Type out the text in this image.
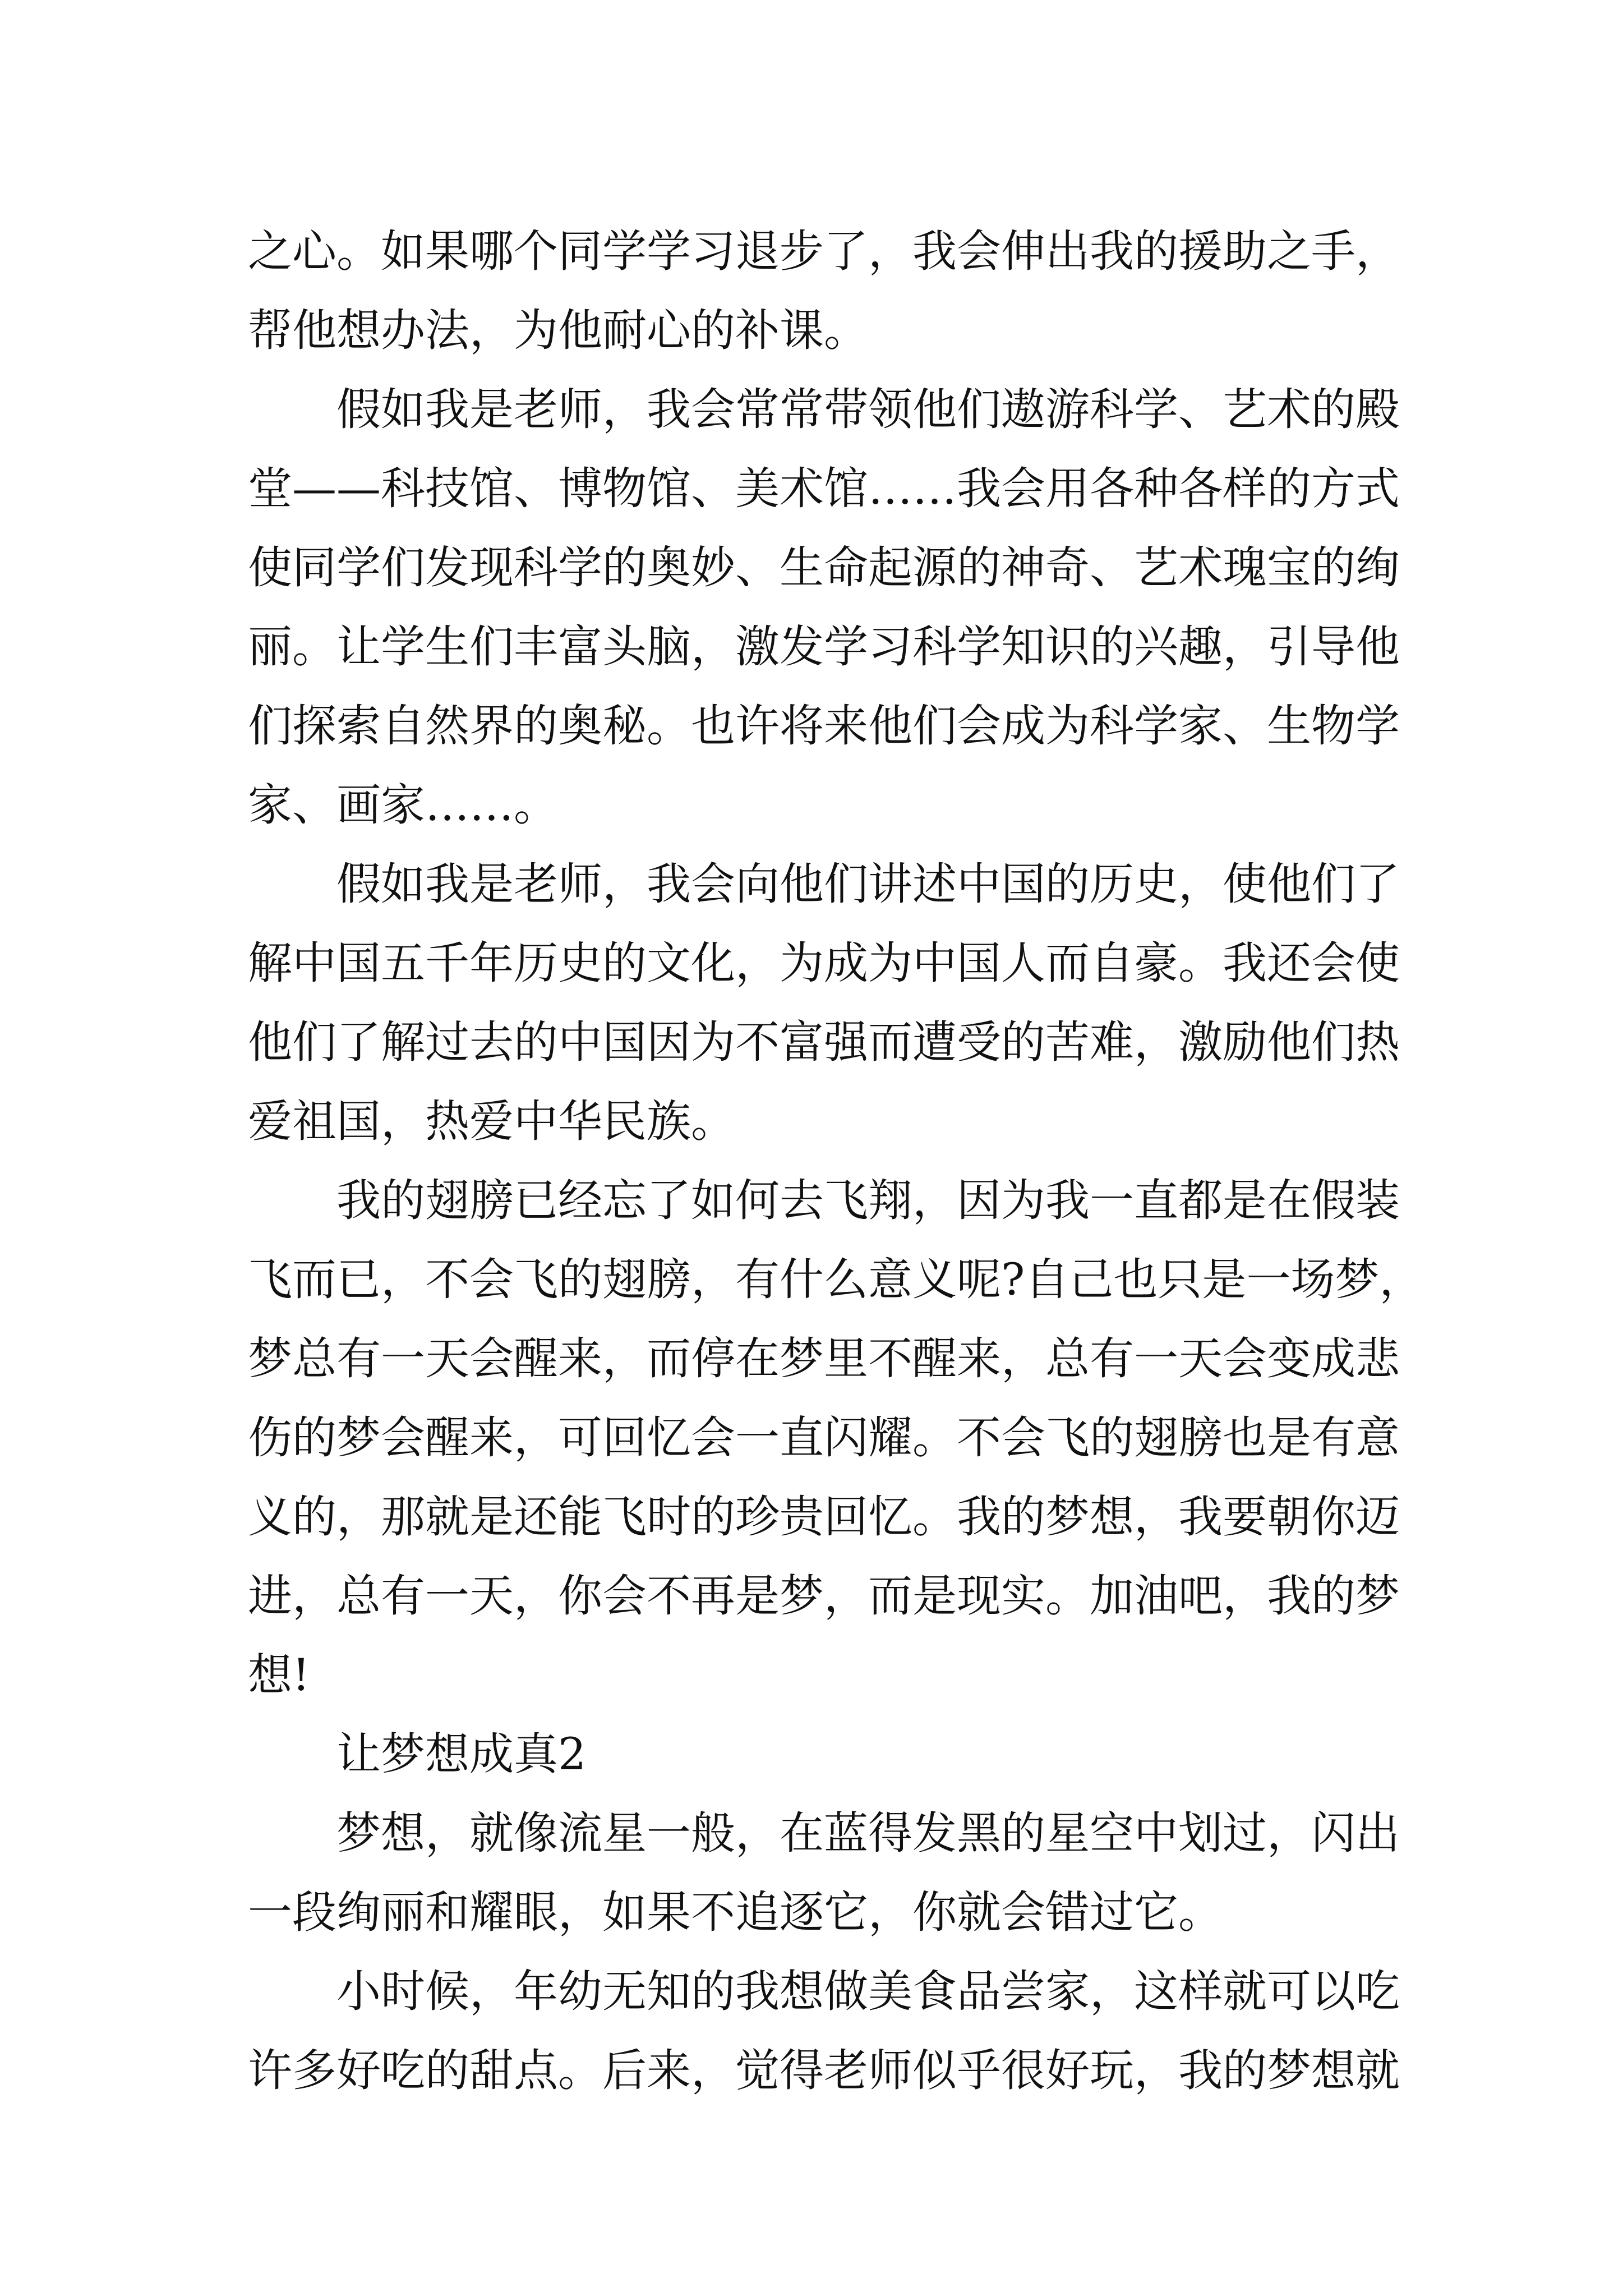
之心。如果哪个同学学习退步了，我会伸出我的援助之手，
帮他想办法，为他耐心的补课。
假如我是老师，我会常常带领他们遨游科学、艺术的殿
堂——科技馆、博物馆、美术馆……我会用各种各样的方式
使同学们发现科学的奥妙、生命起源的神奇、艺术瑰宝的绚
丽。让学生们丰富头脑，激发学习科学知识的兴趣，引导他
们探索自然界的奥秘。也许将来他们会成为科学家、生物学
家、画家……。
假如我是老师，我会向他们讲述中国的历史，使他们了
解中国五千年历史的文化，为成为中国人而自豪。我还会使
他们了解过去的中国因为不富强而遭受的苦难，激励他们热
爱祖国，热爱中华民族。
我的翅膀已经忘了如何去飞翔，因为我一直都是在假装
飞而已，不会飞的翅膀，有什么意义呢?自己也只是一场梦，
梦总有一天会醒来，而停在梦里不醒来，总有一天会变成悲
伤的梦会醒来，可回忆会一直闪耀。不会飞的翅膀也是有意
义的，那就是还能飞时的珍贵回忆。我的梦想，我要朝你迈
进，总有一天，你会不再是梦，而是现实。加油吧，我的梦
想!
让梦想成真2
梦想，就像流星一般，在蓝得发黑的星空中划过，闪出
一段绚丽和耀眼，如果不追逐它，你就会错过它。
小时候，年幼无知的我想做美食品尝家，这样就可以吃
许多好吃的甜点。后来，觉得老师似乎很好玩，我的梦想就
